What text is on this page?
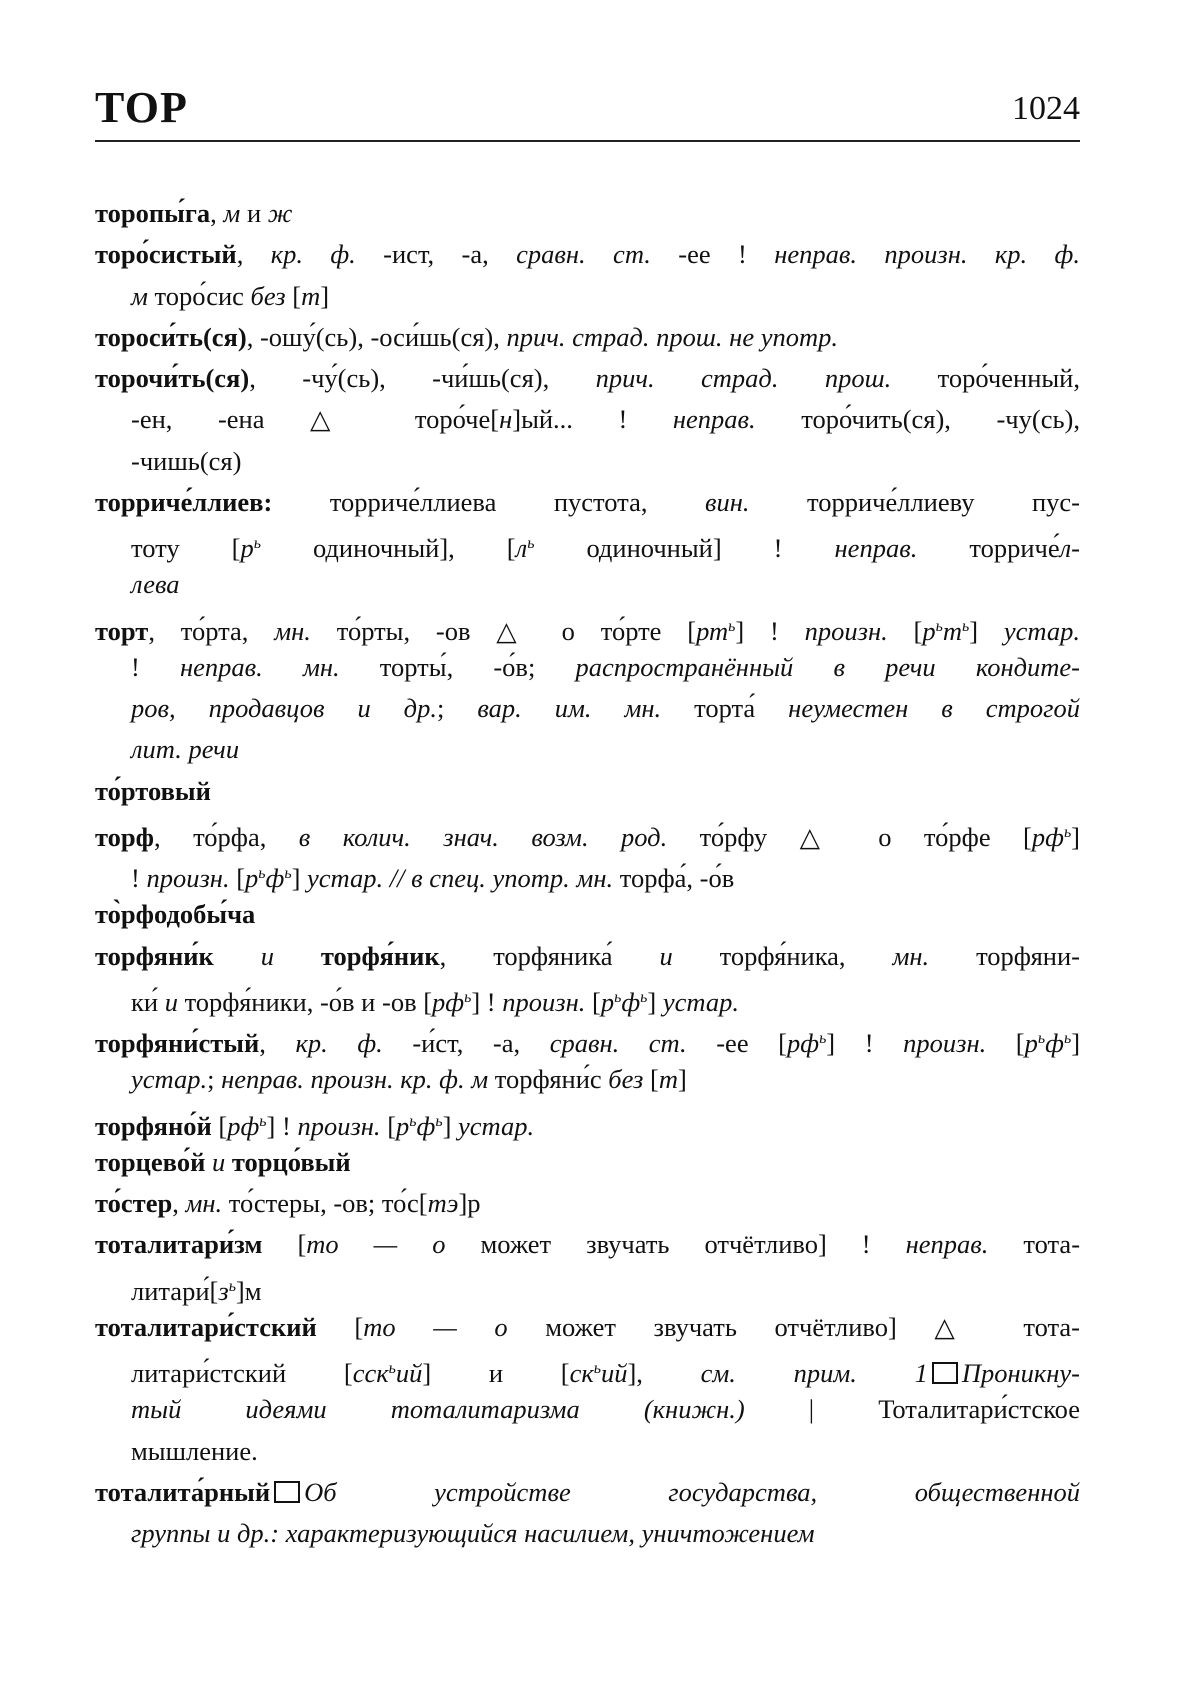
ТОР	1024
торопы́га, м и ж
торо́систый, кр. ф. -ист, -а, сравн. ст. -ее ! неправ. произн. кр. ф.
м торо́сис без [т]
тороси́ть(ся), -ошу́(сь), -оси́шь(ся), прич. страд. прош. не употр.
торочи́ть(ся), -чу́(сь), -чи́шь(ся), прич. страд. прош. торо́ченный,
-ен, -ена △ торо́че[н]ый... ! неправ. торо́чить(ся), -чу(сь),
-чишь(ся)
торриче́ллиев: торриче́ллиева пустота, вин. торриче́ллиеву пус-
тоту [$р^ь$ одиночный], [$л^ь$ одиночный] ! неправ. торриче́л-
лева
торт, то́рта, мн. то́рты, -ов △ о то́рте $[рт^ь]$ ! произн. $[р^ьт^ь]$ устар.
! неправ. мн. торты́, -о́в; распространённый в речи кондите-
ров, продавцов и др.; вар. им. мн. торта́ неуместен в строгой
лит. речи
то́ртовый
торф, то́рфа, в колич. знач. возм. род. то́рфу △ о то́рфе $[рф^ь]$
! произн. $[р^ьф^ь]$ устар. // в спец. употр. мн. торфа́, -о́в
то̀рфодобы́ча
торфяни́к и торфя́ник, торфяника́ и торфя́ника, мн. торфяни-
ки́ и торфя́ники, -о́в и -ов $[рф^ь]$ ! произн. $[р^ьф^ь]$ устар.
торфяни́стый, кр. ф. -и́ст, -а, сравн. ст. -ее $[рф^ь]$ ! произн. $[р^ьф^ь]$
устар.; неправ. произн. кр. ф. м торфяни́с без [т]
торфяно́й $[рф^ь]$ ! произн. $[р^ьф^ь]$ устар.
торцево́й и торцо́вый
то́стер, мн. то́стеры, -ов; то́с[тэ]р
тоталитари́зм [то — о может звучать отчётливо] ! неправ. тота-
$литари́[з^ь]м$
тоталитари́стский [то — о может звучать отчётливо] △ тота-
литари́стский [сск$^ь$ий] и $[ск^ьий]$, см. прим. 1 Проникну-
тый идеями тоталитаризма (книжн.) | Тоталитари́стское
мышление.
тоталита́рный Об устройстве государства, общественной
группы и др.: характеризующийся насилием, уничтожением
